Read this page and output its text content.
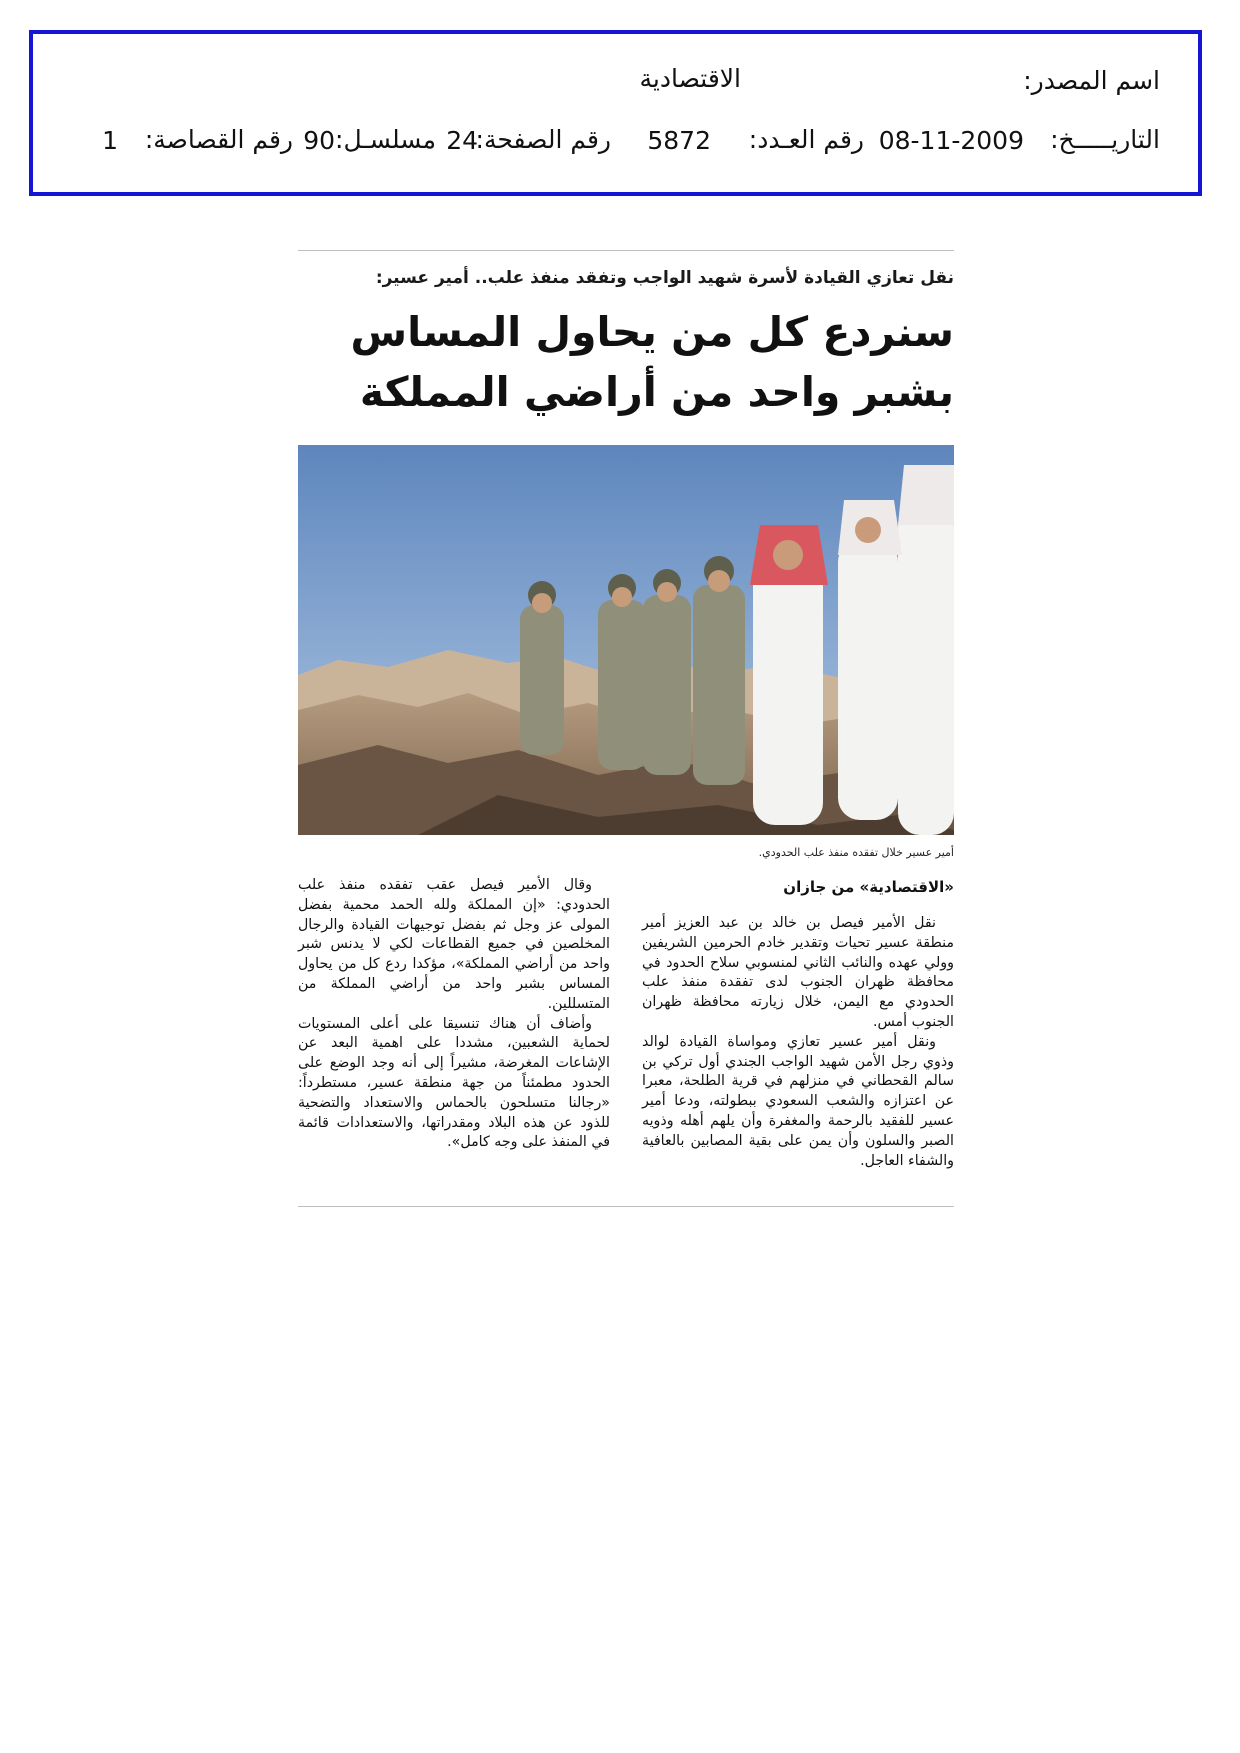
اسم المصدر:
الاقتصادية
التاريـــــخ:
08-11-2009
رقم العـدد:
5872
رقم الصفحة:
24
مسلسـل:
90
رقم القصاصة:
1
نقل تعازي القيادة لأسرة شهيد الواجب وتفقد منفذ علب.. أمير عسير:
سنردع كل من يحاول المساس بشبر واحد من أراضي المملكة
أمير عسير خلال تفقده منفذ علب الحدودي.
«الاقتصادية» من جازان

نقل الأمير فيصل بن خالد بن عبد العزيز أمير منطقة عسير تحيات وتقدير خادم الحرمين الشريفين وولي عهده والنائب الثاني لمنسوبي سلاح الحدود في محافظة ظهران الجنوب لدى تفقدة منفذ علب الحدودي مع اليمن، خلال زيارته محافظة ظهران الجنوب أمس.

ونقل أمير عسير تعازي ومواساة القيادة لوالد وذوي رجل الأمن شهيد الواجب الجندي أول تركي بن سالم القحطاني في منزلهم في قرية الطلحة، معبرا عن اعتزازه والشعب السعودي ببطولته، ودعا أمير عسير للفقيد بالرحمة والمغفرة وأن يلهم أهله وذويه الصبر والسلون وأن يمن على بقية المصابين بالعافية والشفاء العاجل.

وقال الأمير فيصل عقب تفقده منفذ علب الحدودي: «إن المملكة ولله الحمد محمية بفضل المولى عز وجل ثم بفضل توجيهات القيادة والرجال المخلصين في جميع القطاعات لكي لا يدنس شبر واحد من أراضي المملكة»، مؤكدا ردع كل من يحاول المساس بشبر واحد من أراضي المملكة من المتسللين.

وأضاف أن هناك تنسيقا على أعلى المستويات لحماية الشعبين، مشددا على اهمية البعد عن الإشاعات المغرضة، مشيراً إلى أنه وجد الوضع على الحدود مطمئناً من جهة منطقة عسير، مستطرداً: «رجالنا متسلحون بالحماس والاستعداد والتضحية للذود عن هذه البلاد ومقدراتها، والاستعدادات قائمة في المنفذ على وجه كامل».
